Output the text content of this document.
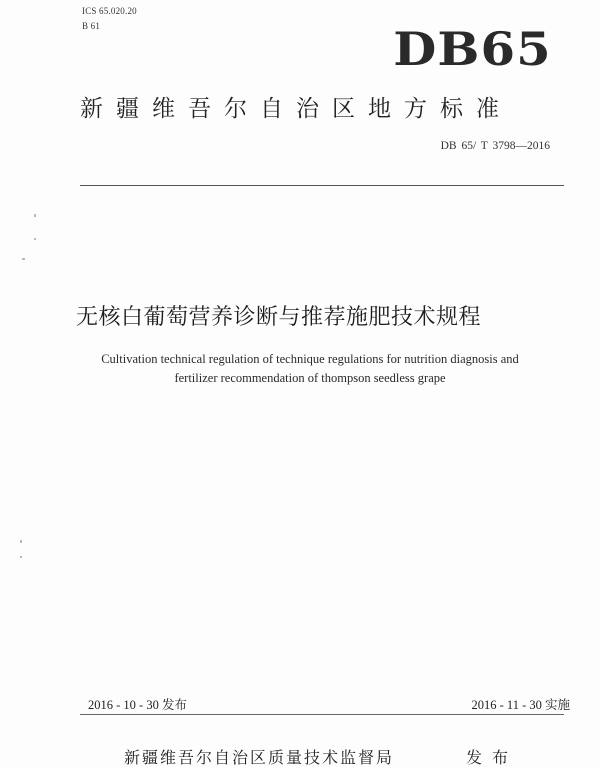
ICS 65.020.20
B 61	DB65
新疆维吾尔自治区地方标准
DB 65/ T 3798—2016
无核白葡萄营养诊断与推荐施肥技术规程
Cultivation technical regulation of technique regulations for nutrition diagnosis and
fertilizer recommendation of thompson seedless grape
2016 - 10 - 30 发布	2016 - 11 - 30 实施
新疆维吾尔自治区质量技术监督局	发布
